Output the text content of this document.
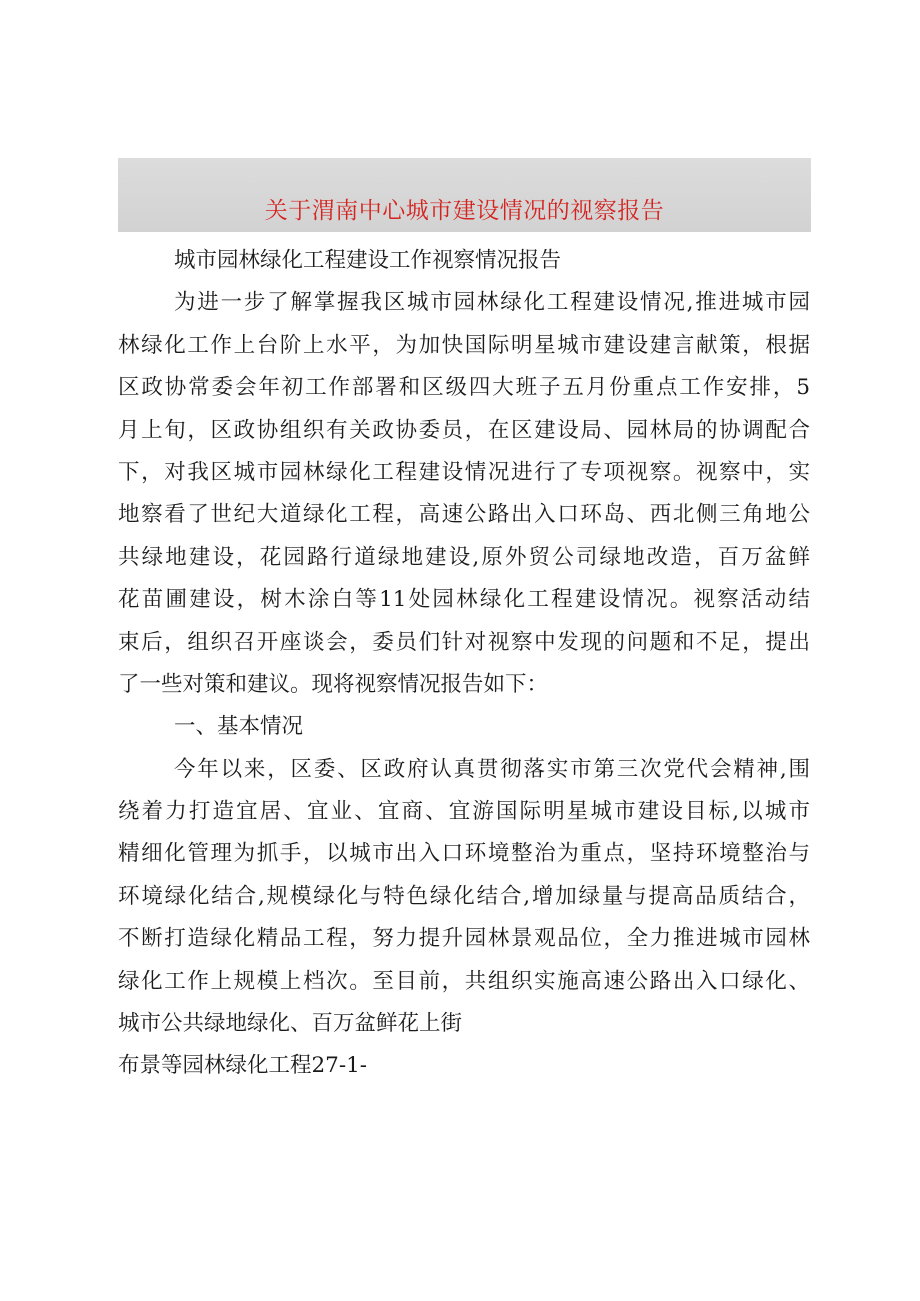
关于渭南中心城市建设情况的视察报告
城市园林绿化工程建设工作视察情况报告
为进一步了解掌握我区城市园林绿化工程建设情况,推进城市园
林绿化工作上台阶上水平，为加快国际明星城市建设建言献策，根据
区政协常委会年初工作部署和区级四大班子五月份重点工作安排，5
月上旬，区政协组织有关政协委员，在区建设局、园林局的协调配合
下，对我区城市园林绿化工程建设情况进行了专项视察。视察中，实
地察看了世纪大道绿化工程，高速公路出入口环岛、西北侧三角地公
共绿地建设，花园路行道绿地建设,原外贸公司绿地改造，百万盆鲜
花苗圃建设，树木涂白等11处园林绿化工程建设情况。视察活动结
束后，组织召开座谈会，委员们针对视察中发现的问题和不足，提出
了一些对策和建议。现将视察情况报告如下：
一、基本情况
今年以来，区委、区政府认真贯彻落实市第三次党代会精神,围
绕着力打造宜居、宜业、宜商、宜游国际明星城市建设目标,以城市
精细化管理为抓手，以城市出入口环境整治为重点，坚持环境整治与
环境绿化结合,规模绿化与特色绿化结合,增加绿量与提高品质结合，
不断打造绿化精品工程，努力提升园林景观品位，全力推进城市园林
绿化工作上规模上档次。至目前，共组织实施高速公路出入口绿化、
城市公共绿地绿化、百万盆鲜花上街
布景等园林绿化工程27-1-
